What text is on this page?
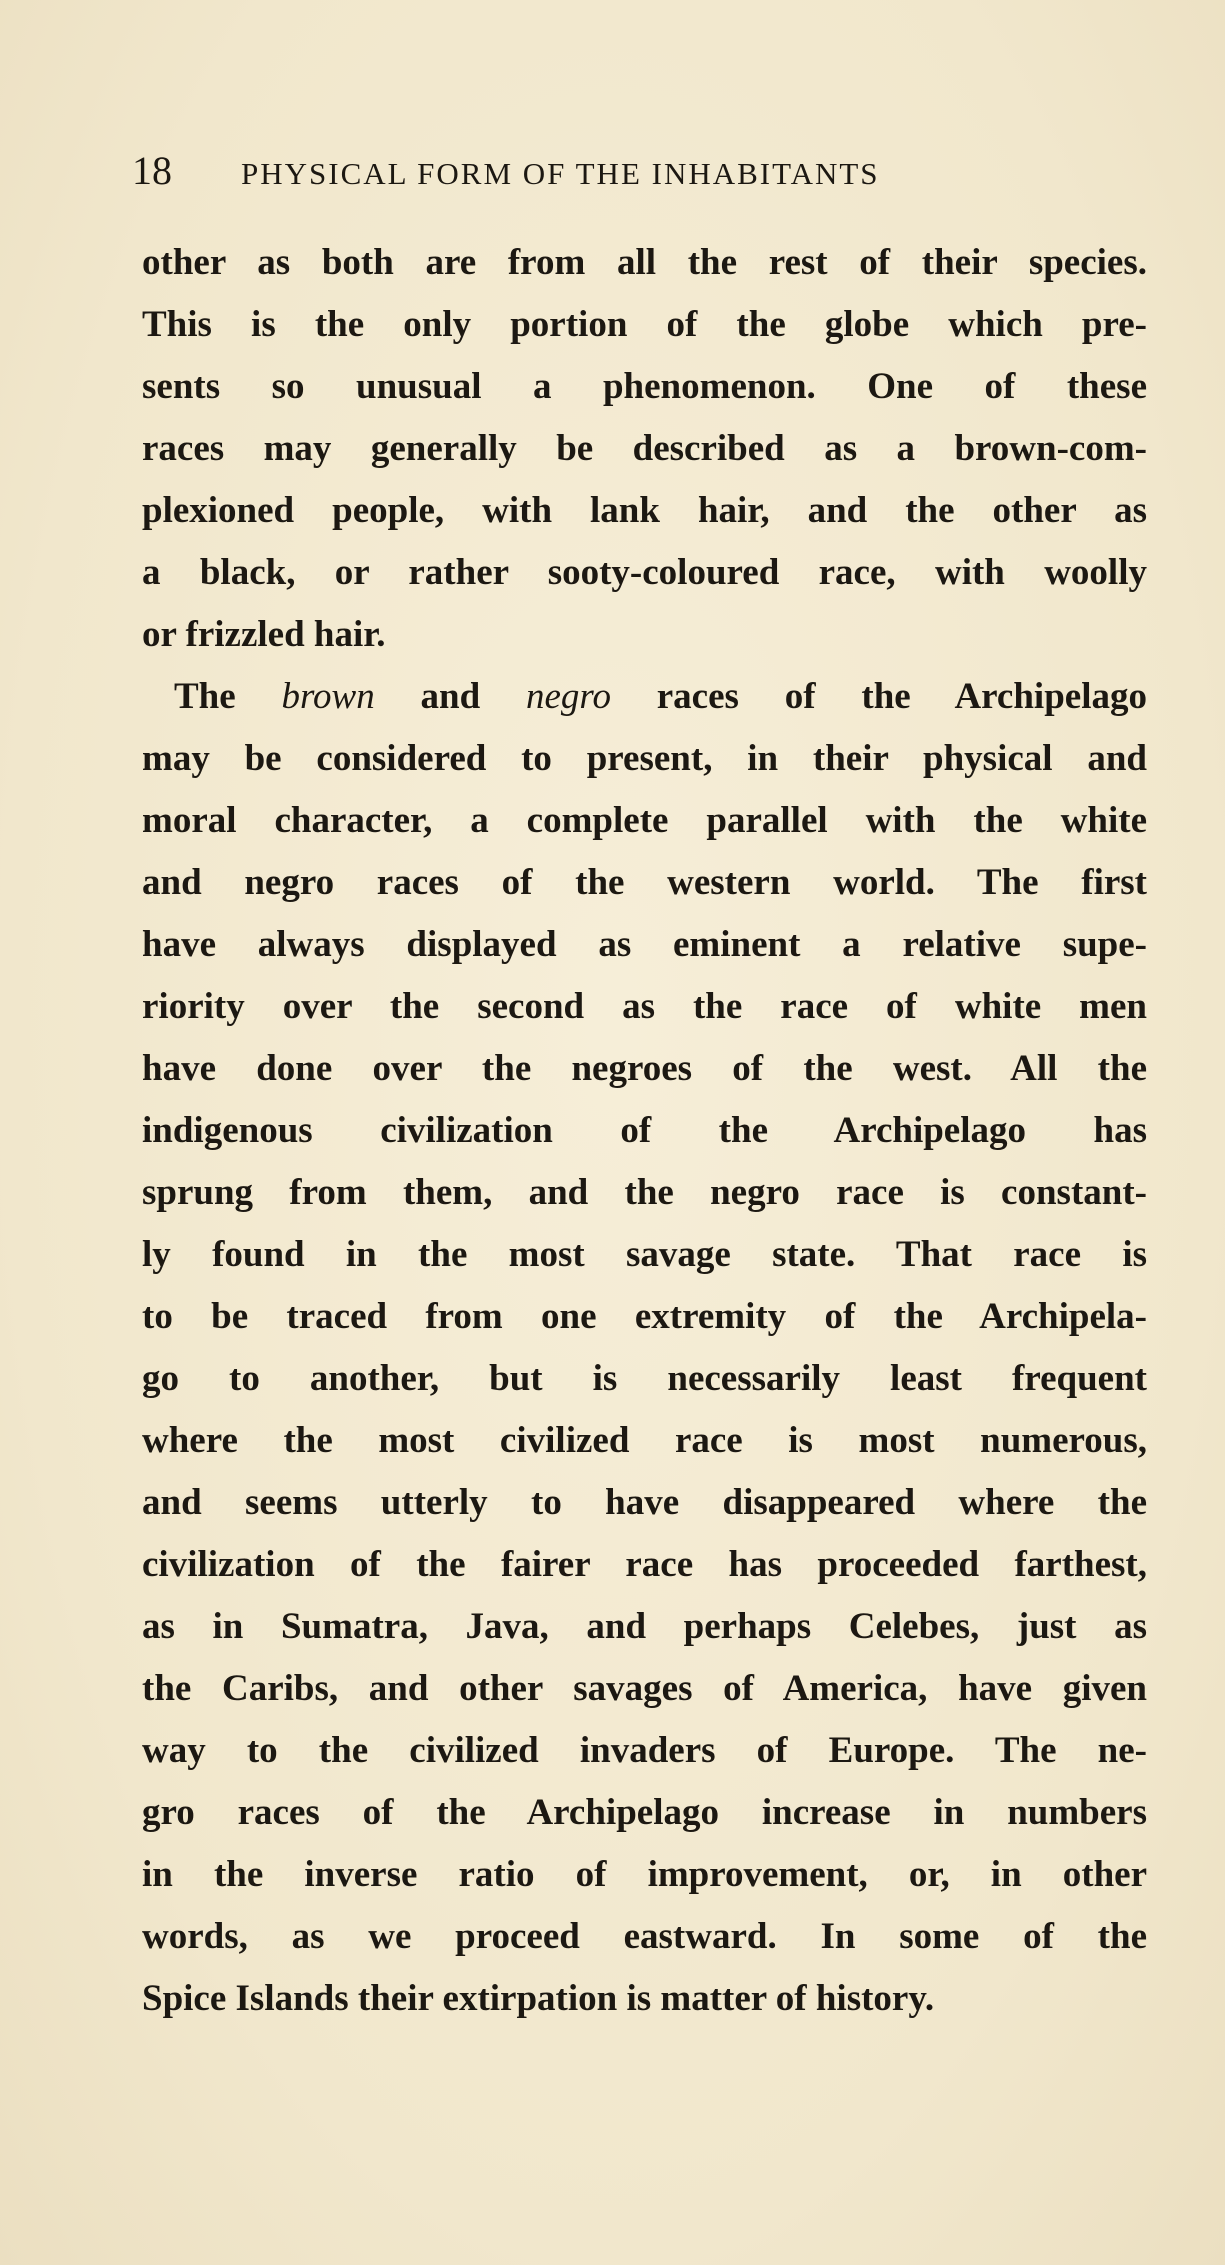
18 PHYSICAL FORM OF THE INHABITANTS
other as both are from all the rest of their species.
This is the only portion of the globe which pre-
sents so unusual a phenomenon. One of these
races may generally be described as a brown-com-
plexioned people, with lank hair, and the other as
a black, or rather sooty-coloured race, with woolly
or frizzled hair.
The brown and negro races of the Archipelago
may be considered to present, in their physical and
moral character, a complete parallel with the white
and negro races of the western world. The first
have always displayed as eminent a relative supe-
riority over the second as the race of white men
have done over the negroes of the west. All the
indigenous civilization of the Archipelago has
sprung from them, and the negro race is constant-
ly found in the most savage state. That race is
to be traced from one extremity of the Archipela-
go to another, but is necessarily least frequent
where the most civilized race is most numerous,
and seems utterly to have disappeared where the
civilization of the fairer race has proceeded farthest,
as in Sumatra, Java, and perhaps Celebes, just as
the Caribs, and other savages of America, have given
way to the civilized invaders of Europe. The ne-
gro races of the Archipelago increase in numbers
in the inverse ratio of improvement, or, in other
words, as we proceed eastward. In some of the
Spice Islands their extirpation is matter of history.
